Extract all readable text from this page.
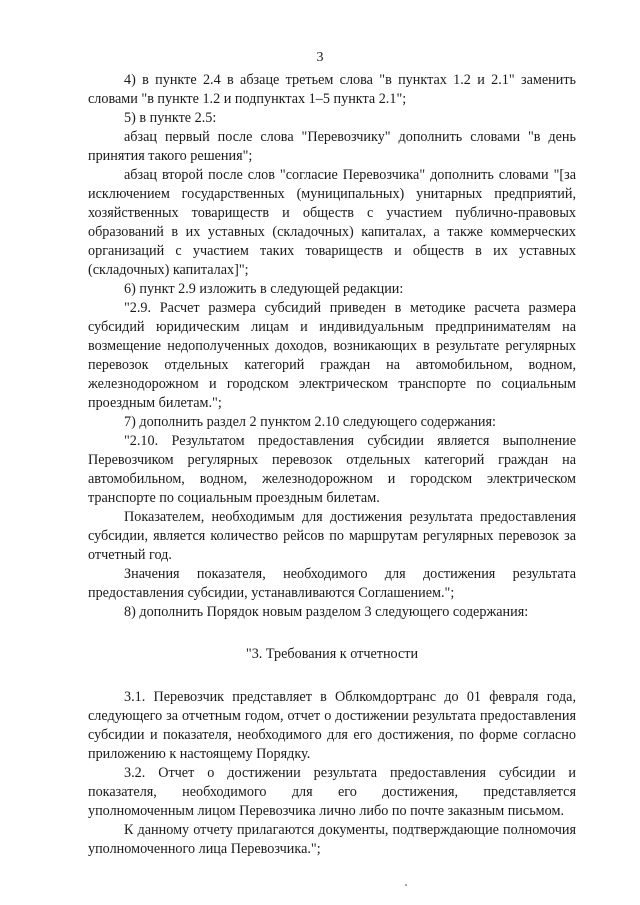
3

4) в пункте 2.4 в абзаце третьем слова "в пунктах 1.2 и 2.1" заменить словами "в пункте 1.2 и подпунктах 1–5 пункта 2.1";

5) в пункте 2.5:

абзац первый после слова "Перевозчику" дополнить словами "в день принятия такого решения";

абзац второй после слов "согласие Перевозчика" дополнить словами "[за исключением государственных (муниципальных) унитарных предприятий, хозяйственных товариществ и обществ с участием публично-правовых образований в их уставных (складочных) капиталах, а также коммерческих организаций с участием таких товариществ и обществ в их уставных (складочных) капиталах]";

6) пункт 2.9 изложить в следующей редакции:

"2.9. Расчет размера субсидий приведен в методике расчета размера субсидий юридическим лицам и индивидуальным предпринимателям на возмещение недополученных доходов, возникающих в результате регулярных перевозок отдельных категорий граждан на автомобильном, водном, железнодорожном и городском электрическом транспорте по социальным проездным билетам.";

7) дополнить раздел 2 пунктом 2.10 следующего содержания:

"2.10. Результатом предоставления субсидии является выполнение Перевозчиком регулярных перевозок отдельных категорий граждан на автомобильном, водном, железнодорожном и городском электрическом транспорте по социальным проездным билетам.

Показателем, необходимым для достижения результата предоставления субсидии, является количество рейсов по маршрутам регулярных перевозок за отчетный год.

Значения показателя, необходимого для достижения результата предоставления субсидии, устанавливаются Соглашением.";

8) дополнить Порядок новым разделом 3 следующего содержания:

"3. Требования к отчетности

3.1. Перевозчик представляет в Облкомдортранс до 01 февраля года, следующего за отчетным годом, отчет о достижении результата предоставления субсидии и показателя, необходимого для его достижения, по форме согласно приложению к настоящему Порядку.

3.2. Отчет о достижении результата предоставления субсидии и показателя, необходимого для его достижения, представляется уполномоченным лицом Перевозчика лично либо по почте заказным письмом.

К данному отчету прилагаются документы, подтверждающие полномочия уполномоченного лица Перевозчика.";
